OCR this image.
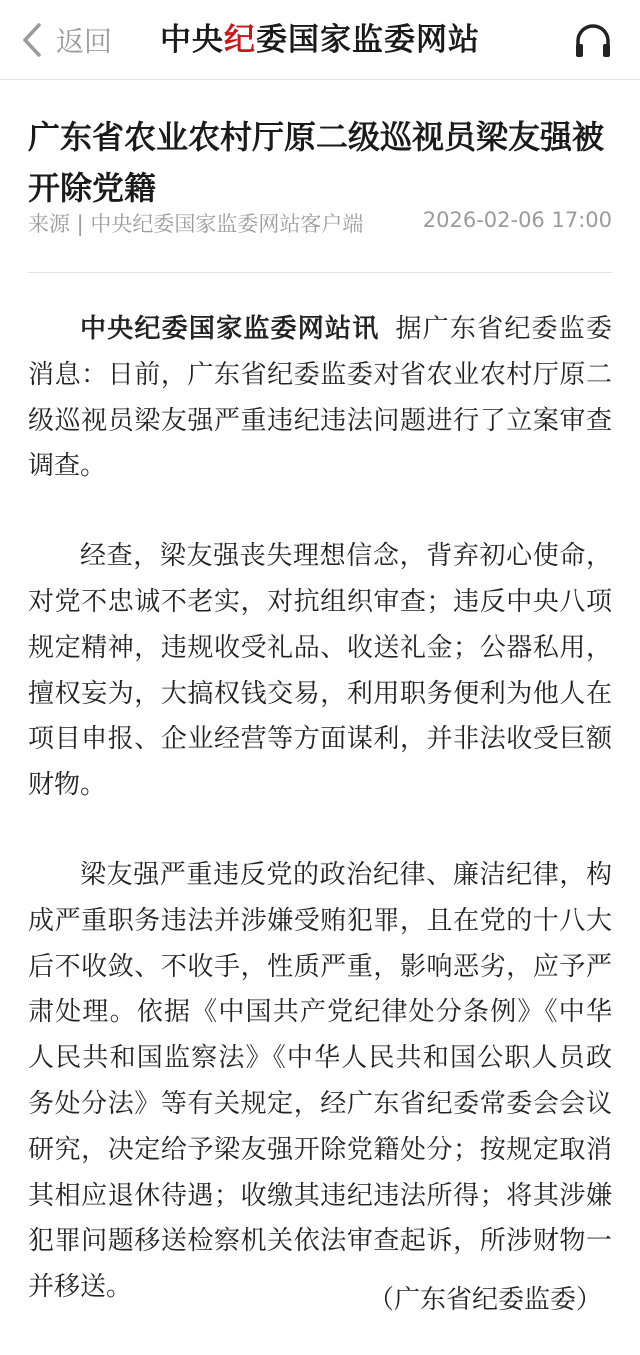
返回	中央纪委国家监委网站
广东省农业农村厅原二级巡视员梁友强被开除党籍
来源 | 中央纪委国家监委网站客户端	2026-02-06 17:00

中央纪委国家监委网站讯 据广东省纪委监委消息：日前，广东省纪委监委对省农业农村厅原二级巡视员梁友强严重违纪违法问题进行了立案审查调查。

经查，梁友强丧失理想信念，背弃初心使命，对党不忠诚不老实，对抗组织审查；违反中央八项规定精神，违规收受礼品、收送礼金；公器私用，擅权妄为，大搞权钱交易，利用职务便利为他人在项目申报、企业经营等方面谋利，并非法收受巨额财物。

梁友强严重违反党的政治纪律、廉洁纪律，构成严重职务违法并涉嫌受贿犯罪，且在党的十八大后不收敛、不收手，性质严重，影响恶劣，应予严肃处理。依据《中国共产党纪律处分条例》《中华人民共和国监察法》《中华人民共和国公职人员政务处分法》等有关规定，经广东省纪委常委会会议研究，决定给予梁友强开除党籍处分；按规定取消其相应退休待遇；收缴其违纪违法所得；将其涉嫌犯罪问题移送检察机关依法审查起诉，所涉财物一并移送。	（广东省纪委监委）
